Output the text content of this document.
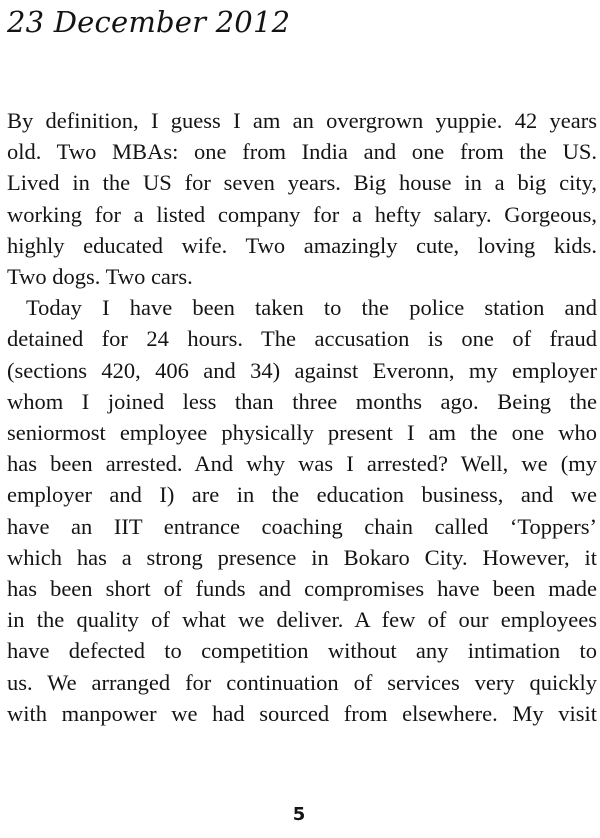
23 December 2012

By definition, I guess I am an overgrown yuppie. 42 years
old. Two MBAs: one from India and one from the US.
Lived in the US for seven years. Big house in a big city,
working for a listed company for a hefty salary. Gorgeous,
highly educated wife. Two amazingly cute, loving kids.
Two dogs. Two cars.

Today I have been taken to the police station and
detained for 24 hours. The accusation is one of fraud
(sections 420, 406 and 34) against Everonn, my employer
whom I joined less than three months ago. Being the
seniormost employee physically present I am the one who
has been arrested. And why was I arrested? Well, we (my
employer and I) are in the education business, and we
have an IIT entrance coaching chain called ‘Toppers’
which has a strong presence in Bokaro City. However, it
has been short of funds and compromises have been made
in the quality of what we deliver. A few of our employees
have defected to competition without any intimation to
us. We arranged for continuation of services very quickly
with manpower we had sourced from elsewhere. My visit

5
